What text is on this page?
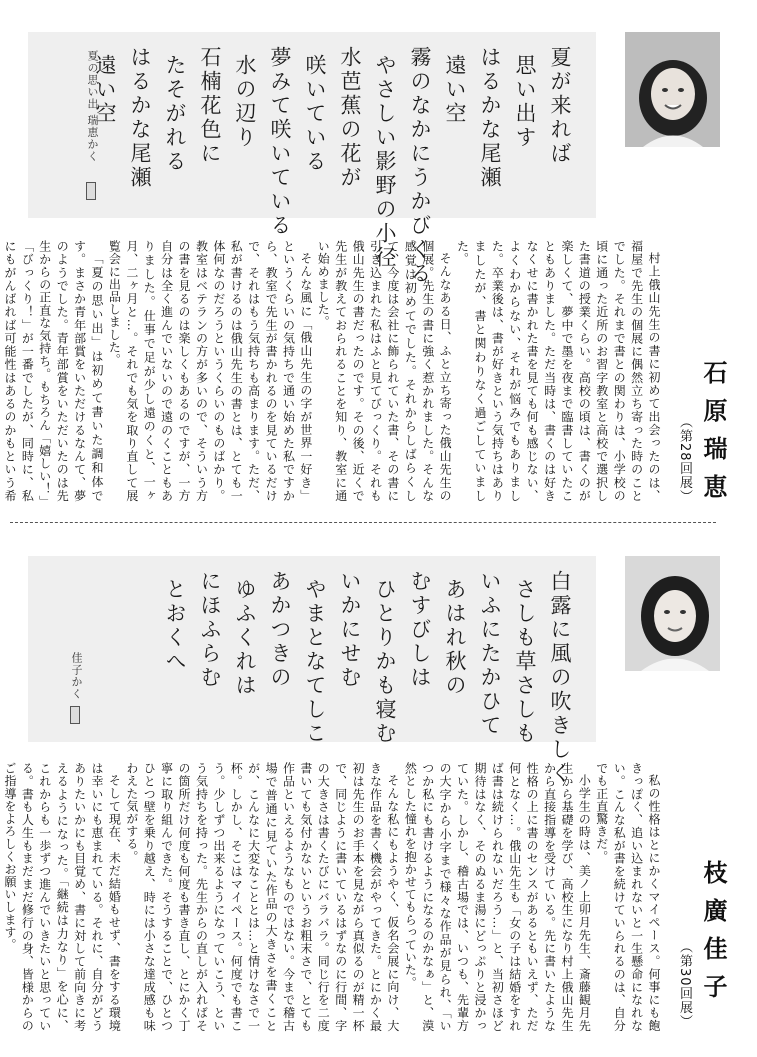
夏が来れば
思い出す
はるかな尾瀬
遠い空
霧のなかにうかびくる
やさしい影野の小径
水芭蕉の花が
咲いている
夢みて咲いている
水の辺り
石楠花色に
たそがれる
はるかな尾瀬
遠い空
夏の思い出 瑞恵かく
石原瑞恵
（第28回展）

村上俄山先生の書に初めて出会ったのは、福屋で先生の個展に偶然立ち寄った時のことでした。それまで書との関わりは、小学校の頃に通った近所のお習字教室と高校で選択した書道の授業くらい。高校の頃は、書くのが楽しくて、夢中で墨を夜まで臨書していたこともありました。ただ当時は、書くのは好きなくせに書かれた書を見ても何も感じない、よくわからない、それが悩みでもありました。卒業後は、書が好きという気持ちはありましたが、書と関わりなく過ごしていました。

そんなある日、ふと立ち寄った俄山先生の個展。先生の書に強く惹かれました。そんな感覚は初めてでした。それからしばらくして、今度は会社に飾られていた書、その書に引き込まれた私はふと見てびっくり。それも俄山先生の書だったのです。その後、近くで先生が教えておられることを知り、教室に通い始めました。

そんな風に「俄山先生の字が世界一好き」というくらいの気持ちで通い始めた私ですから、教室で先生が書かれるのを見ているだけで、それはもう気持ちも高まります。ただ、私が書けるのは俄山先生の書とは、とても一体何なのだろうというくらいのものばかり。教室はベテランの方が多いので、そういう方の書を見るのは楽しくもあるのですが、一方自分は全く進んでいないので遠のくこともありました。仕事で足が少し遠のくと、一ヶ月、二ヶ月と…。それでも気を取り直して展覧会に出品しました。

「夏の思い出」は初めて書いた調和体です。まさか青年部賞をいただけるなんて、夢のようでした。青年部賞をいただいたのは先生からの正直な気持ち。もちろん「嬉しい！」「びっくり！」が一番でしたが、同時に、私にもがんばれば可能性はあるのかもという希

白露に風の吹きしく
さしも草さしも
いふにたかひて
あはれ秋の
むすびしは
ひとりかも寝む
いかにせむ
やまとなてしこ
あかつきの
ゆふくれは
にほふらむ
とおくへ
佳子かく
枝廣佳子
（第30回展）

私の性格はとにかくマイペース。何事にも飽きっぽく、追い込まれないと一生懸命になれない。こんな私が書を続けていられるのは、自分でも正直驚きだ。

小学生の時は、美ノ上卯月先生、斎藤観月先生から基礎を学び、高校生になり村上俄山先生から直接指導を受けている。先に書いたような性格の上に書のセンスがあるともいえず、ただ何となく…。俄山先生も「女の子は結婚をすれば書は続けられないだろう…」と、当初さほど期待はなく、そのぬるま湯にどっぷりと浸かっていた。しかし、稽古場では、いつも、先輩方の大字から小字まで様々な作品が見られ、「いつか私にも書けるようになるのかなぁ」と、漠然とした憧れを抱かせてもらっていた。

そんな私にもようやく、仮名会展に向け、大きな作品を書く機会がやってきた。とにかく最初は先生のお手本を見ながら真似るのが精一杯で、同じように書いているはずなのに行間、字の大きさは書くたびにバラバラ。同じ行を二度書いても気付かないというお粗末さで、とても作品といえるようなものではない。今まで稽古場で普通に見ていた作品の大きさを書くことが、こんなに大変なこととは…と情けなさで一杯。しかし、そこはマイペース。何度でも書こう。少しずつ出来るようになっていこう、という気持ちを持った。先生からの直しが入ればその箇所だけ何度も何度も書き直し、とにかく丁寧に取り組んできた。そうすることで、ひとつひとつ壁を乗り越え、時には小さな達成感も味わえた気がする。

そして現在、未だ結婚もせず、書をする環境は幸いにも恵まれている。それに、自分がどうありたいかにも目覚め、書に対して前向きに考えるようになった。「継続は力なり」を心に、これからも一歩ずつ進んでいきたいと思っている。書も人生もまだまだ修行の身、皆様からのご指導をよろしくお願いします。
